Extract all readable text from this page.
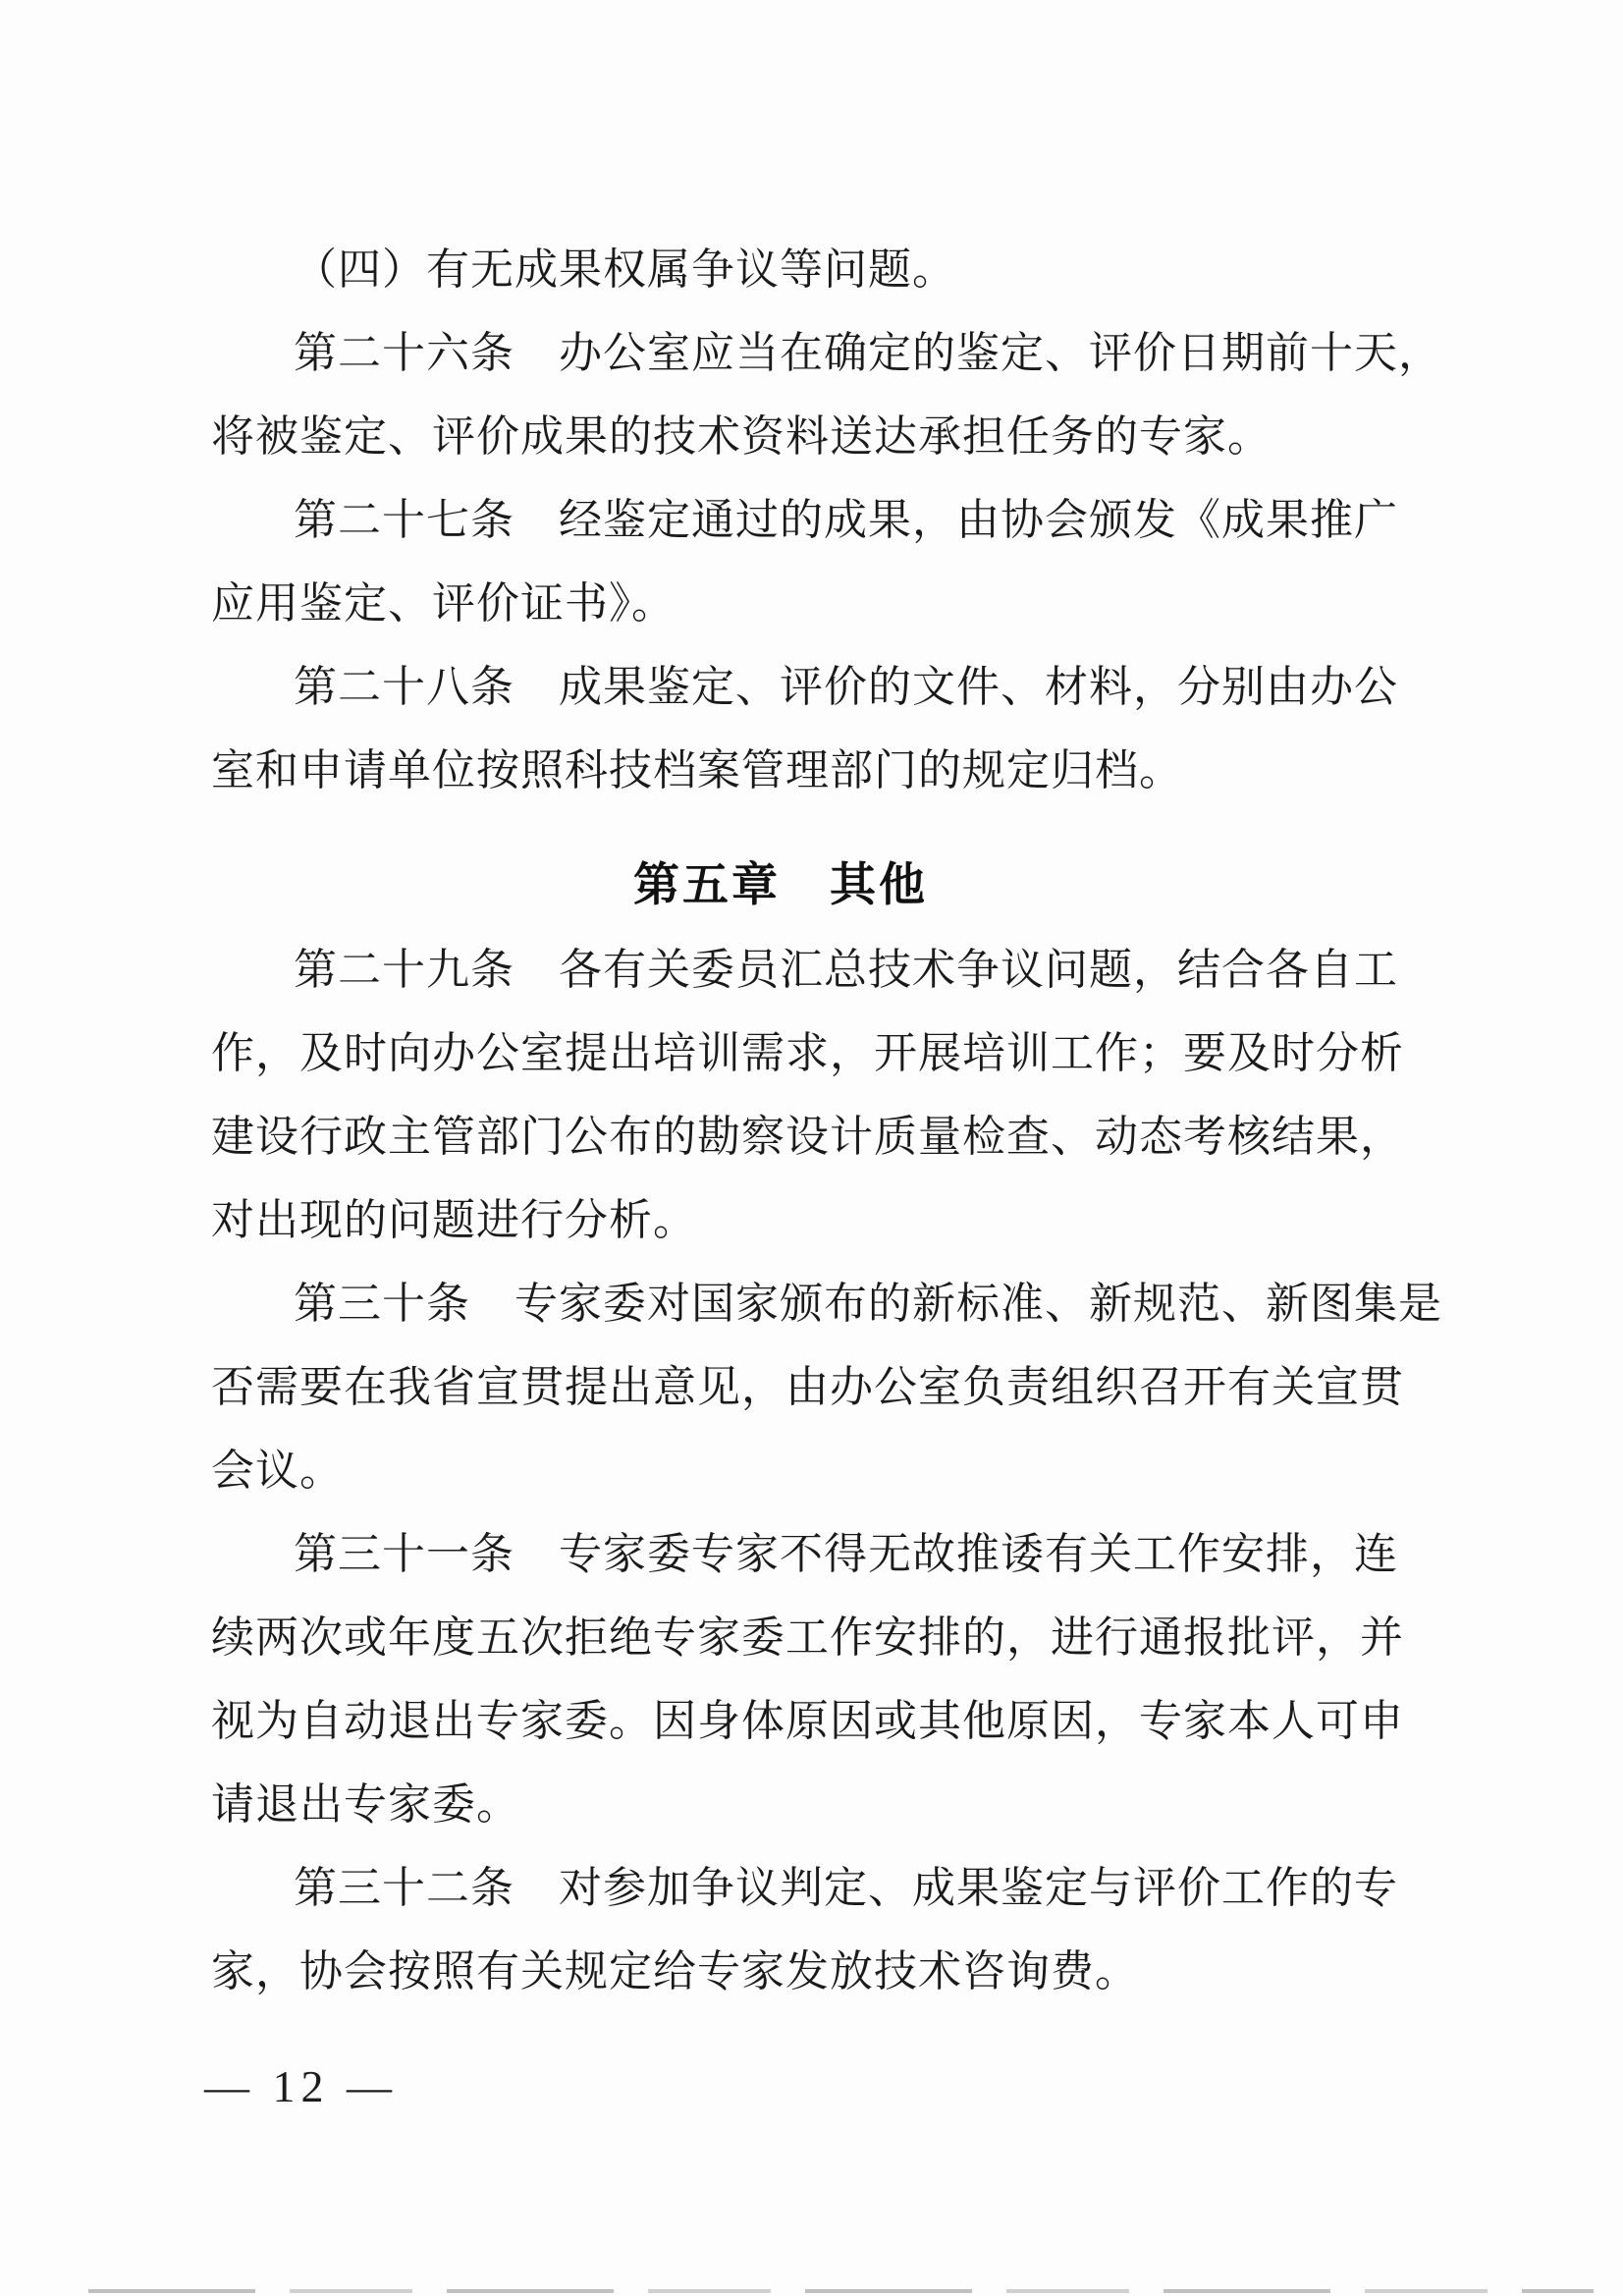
（四）有无成果权属争议等问题。
第二十六条　办公室应当在确定的鉴定、评价日期前十天，
将被鉴定、评价成果的技术资料送达承担任务的专家。
第二十七条　经鉴定通过的成果，由协会颁发《成果推广
应用鉴定、评价证书》。
第二十八条　成果鉴定、评价的文件、材料，分别由办公
室和申请单位按照科技档案管理部门的规定归档。
第五章　其他
第二十九条　各有关委员汇总技术争议问题，结合各自工
作，及时向办公室提出培训需求，开展培训工作；要及时分析
建设行政主管部门公布的勘察设计质量检查、动态考核结果，
对出现的问题进行分析。
第三十条　专家委对国家颁布的新标准、新规范、新图集是
否需要在我省宣贯提出意见，由办公室负责组织召开有关宣贯
会议。
第三十一条　专家委专家不得无故推诿有关工作安排，连
续两次或年度五次拒绝专家委工作安排的，进行通报批评，并
视为自动退出专家委。因身体原因或其他原因，专家本人可申
请退出专家委。
第三十二条　对参加争议判定、成果鉴定与评价工作的专
家，协会按照有关规定给专家发放技术咨询费。
— 12 —
